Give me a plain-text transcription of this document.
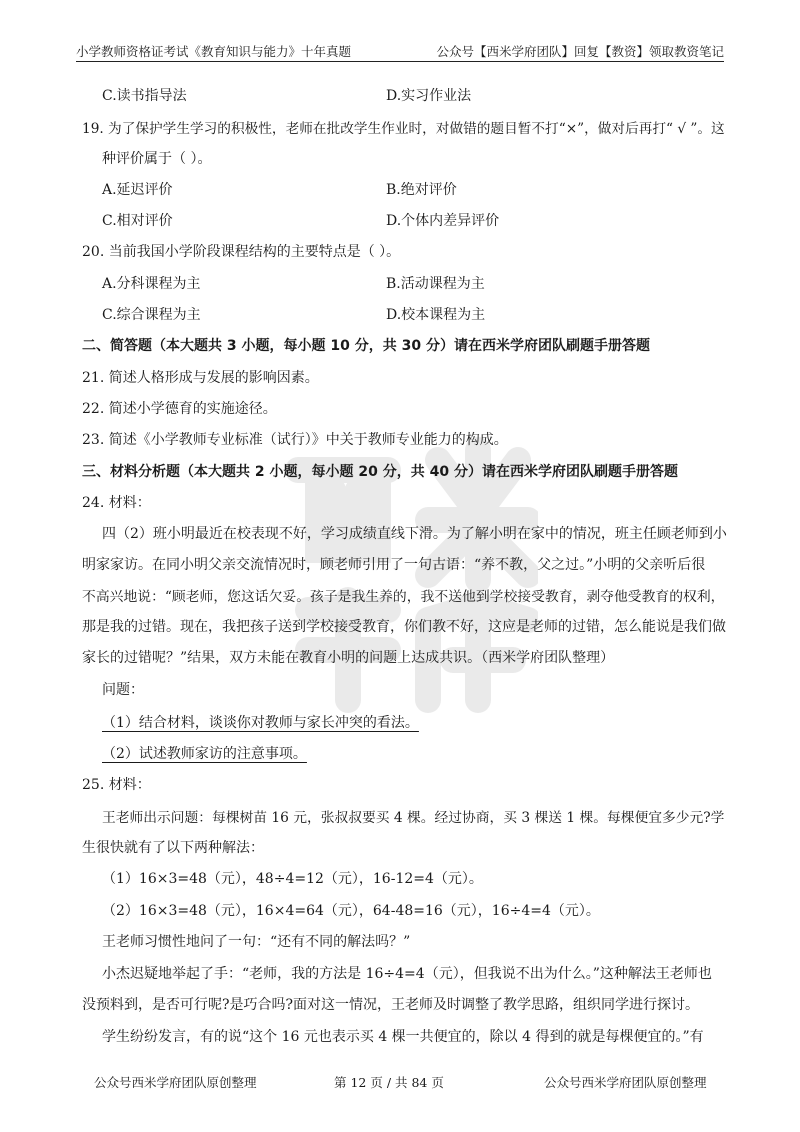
小学教师资格证考试《教育知识与能力》十年真题	公众号【西米学府团队】回复【教资】领取教资笔记
C.读书指导法	D.实习作业法
19. 为了保护学生学习的积极性，老师在批改学生作业时，对做错的题目暂不打“×”，做对后再打“ √ ”。这
种评价属于（ ）。
A.延迟评价	B.绝对评价
C.相对评价	D.个体内差异评价
20. 当前我国小学阶段课程结构的主要特点是（ ）。
A.分科课程为主	B.活动课程为主
C.综合课程为主	D.校本课程为主
二、简答题（本大题共 3 小题，每小题 10 分，共 30 分）请在西米学府团队刷题手册答题
21. 简述人格形成与发展的影响因素。
22. 简述小学德育的实施途径。
23. 简述《小学教师专业标准（试行）》中关于教师专业能力的构成。
三、材料分析题（本大题共 2 小题，每小题 20 分，共 40 分）请在西米学府团队刷题手册答题
24. 材料：
四（2）班小明最近在校表现不好，学习成绩直线下滑。为了解小明在家中的情况，班主任顾老师到小
明家家访。在同小明父亲交流情况时，顾老师引用了一句古语：“养不教，父之过。”小明的父亲听后很
不高兴地说：“顾老师，您这话欠妥。孩子是我生养的，我不送他到学校接受教育，剥夺他受教育的权利，
那是我的过错。现在，我把孩子送到学校接受教育，你们教不好，这应是老师的过错，怎么能说是我们做
家长的过错呢？”结果，双方未能在教育小明的问题上达成共识。（西米学府团队整理）
问题：
（1）结合材料，谈谈你对教师与家长冲突的看法。
（2）试述教师家访的注意事项。
25. 材料：
王老师出示问题：每棵树苗 16 元，张叔叔要买 4 棵。经过协商，买 3 棵送 1 棵。每棵便宜多少元?学
生很快就有了以下两种解法：
（1）16×3=48（元），48÷4=12（元），16-12=4（元）。
（2）16×3=48（元），16×4=64（元），64-48=16（元），16÷4=4（元）。
王老师习惯性地问了一句：“还有不同的解法吗？”
小杰迟疑地举起了手：“老师，我的方法是 16÷4=4（元），但我说不出为什么。”这种解法王老师也
没预料到，是否可行呢?是巧合吗?面对这一情况，王老师及时调整了教学思路，组织同学进行探讨。
学生纷纷发言，有的说“这个 16 元也表示买 4 棵一共便宜的，除以 4 得到的就是每棵便宜的。”有
公众号西米学府团队原创整理	第 12 页 / 共 84 页	公众号西米学府团队原创整理
